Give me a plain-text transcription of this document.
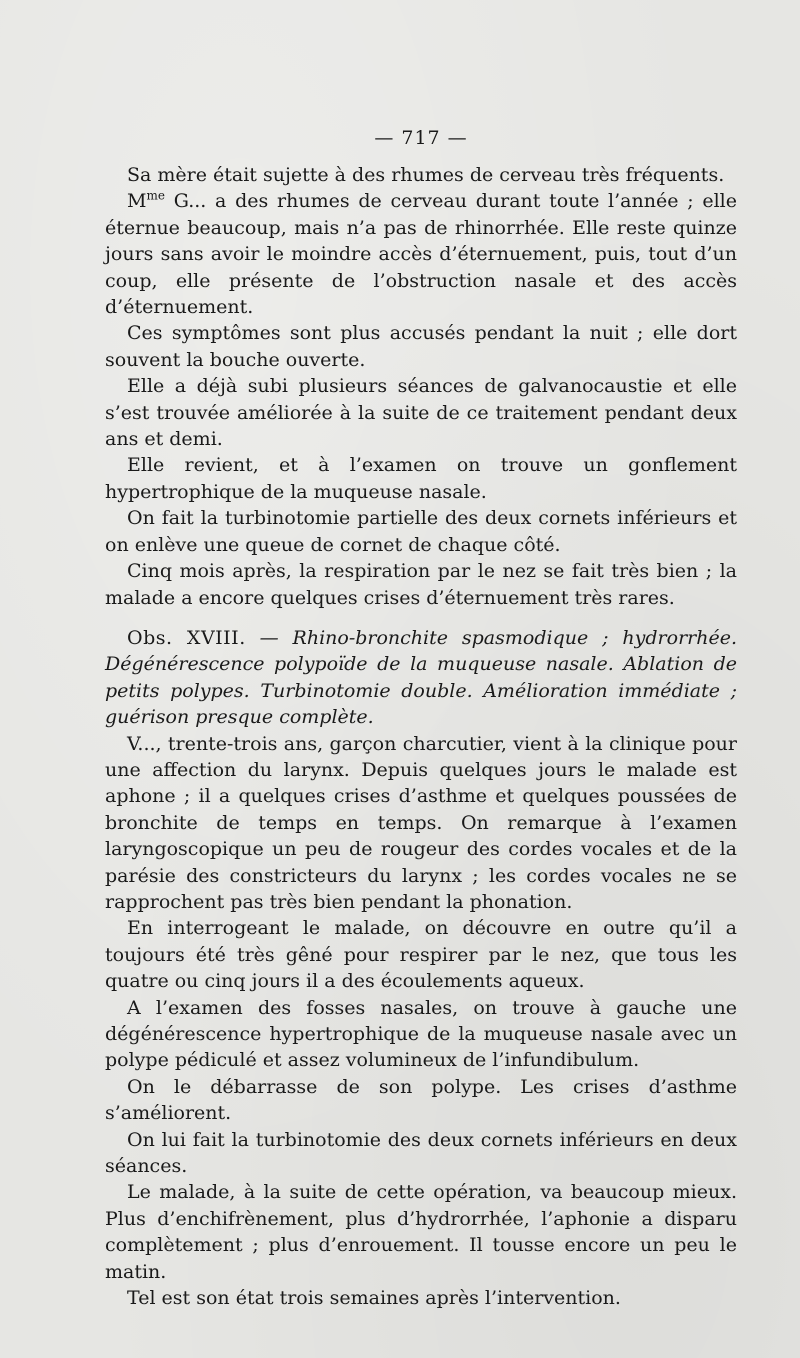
— 717 —

Sa mère était sujette à des rhumes de cerveau très fréquents.

$M^{me}$ G... a des rhumes de cerveau durant toute l’année ; elle éternue beaucoup, mais n’a pas de rhinorrhée. Elle reste quinze jours sans avoir le moindre accès d’éternuement, puis, tout d’un coup, elle présente de l’obstruction nasale et des accès d’éternuement.

Ces symptômes sont plus accusés pendant la nuit ; elle dort souvent la bouche ouverte.

Elle a déjà subi plusieurs séances de galvanocaustie et elle s’est trouvée améliorée à la suite de ce traitement pendant deux ans et demi.

Elle revient, et à l’examen on trouve un gonflement hypertrophique de la muqueuse nasale.

On fait la turbinotomie partielle des deux cornets inférieurs et on enlève une queue de cornet de chaque côté.

Cinq mois après, la respiration par le nez se fait très bien ; la malade a encore quelques crises d’éternuement très rares.

Obs. XVIII. — Rhino-bronchite spasmodique ; hydrorrhée. Dégénérescence polypoïde de la muqueuse nasale. Ablation de petits polypes. Turbinotomie double. Amélioration immédiate ; guérison presque complète.

V..., trente-trois ans, garçon charcutier, vient à la clinique pour une affection du larynx. Depuis quelques jours le malade est aphone ; il a quelques crises d’asthme et quelques poussées de bronchite de temps en temps. On remarque à l’examen laryngoscopique un peu de rougeur des cordes vocales et de la parésie des constricteurs du larynx ; les cordes vocales ne se rapprochent pas très bien pendant la phonation.

En interrogeant le malade, on découvre en outre qu’il a toujours été très gêné pour respirer par le nez, que tous les quatre ou cinq jours il a des écoulements aqueux.

A l’examen des fosses nasales, on trouve à gauche une dégénérescence hypertrophique de la muqueuse nasale avec un polype pédiculé et assez volumineux de l’infundibulum.

On le débarrasse de son polype. Les crises d’asthme s’améliorent.

On lui fait la turbinotomie des deux cornets inférieurs en deux séances.

Le malade, à la suite de cette opération, va beaucoup mieux. Plus d’enchifrènement, plus d’hydrorrhée, l’aphonie a disparu complètement ; plus d’enrouement. Il tousse encore un peu le matin.

Tel est son état trois semaines après l’intervention.
